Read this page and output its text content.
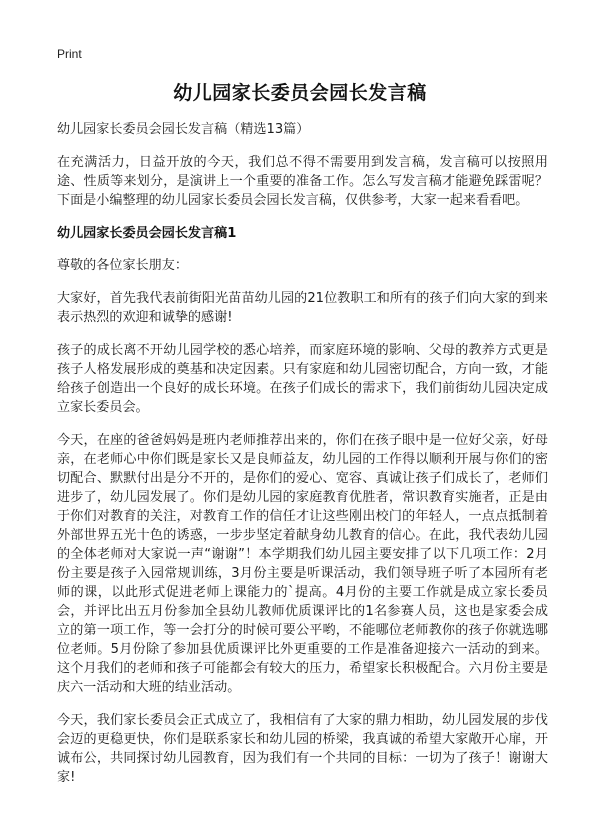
Print
幼儿园家长委员会园长发言稿

幼儿园家长委员会园长发言稿（精选13篇）

在充满活力，日益开放的今天，我们总不得不需要用到发言稿，发言稿可以按照用途、性质等来划分，是演讲上一个重要的准备工作。怎么写发言稿才能避免踩雷呢？下面是小编整理的幼儿园家长委员会园长发言稿，仅供参考，大家一起来看看吧。

幼儿园家长委员会园长发言稿1

尊敬的各位家长朋友：

大家好，首先我代表前街阳光苗苗幼儿园的21位教职工和所有的孩子们向大家的到来表示热烈的欢迎和诚挚的感谢!

孩子的成长离不开幼儿园学校的悉心培养，而家庭环境的影响、父母的教养方式更是孩子人格发展形成的奠基和决定因素。只有家庭和幼儿园密切配合，方向一致，才能给孩子创造出一个良好的成长环境。在孩子们成长的需求下，我们前街幼儿园决定成立家长委员会。

今天，在座的爸爸妈妈是班内老师推荐出来的，你们在孩子眼中是一位好父亲，好母亲，在老师心中你们既是家长又是良师益友，幼儿园的工作得以顺利开展与你们的密切配合、默默付出是分不开的，是你们的爱心、宽容、真诚让孩子们成长了，老师们进步了，幼儿园发展了。你们是幼儿园的家庭教育优胜者，常识教育实施者，正是由于你们对教育的关注，对教育工作的信任才让这些刚出校门的年轻人，一点点抵制着外部世界五光十色的诱惑，一步步坚定着献身幼儿教育的信心。在此，我代表幼儿园的全体老师对大家说一声“谢谢”！本学期我们幼儿园主要安排了以下几项工作：2月份主要是孩子入园常规训练，3月份主要是听课活动，我们领导班子听了本园所有老师的课，以此形式促进老师上课能力的`提高。4月份的主要工作就是成立家长委员会，并评比出五月份参加全县幼儿教师优质课评比的1名参赛人员，这也是家委会成立的第一项工作，等一会打分的时候可要公平哟，不能哪位老师教你的孩子你就选哪位老师。5月份除了参加县优质课评比外更重要的工作是准备迎接六一活动的到来。这个月我们的老师和孩子可能都会有较大的压力，希望家长积极配合。六月份主要是庆六一活动和大班的结业活动。

今天，我们家长委员会正式成立了，我相信有了大家的鼎力相助，幼儿园发展的步伐会迈的更稳更快，你们是联系家长和幼儿园的桥梁，我真诚的希望大家敞开心扉，开诚布公，共同探讨幼儿园教育，因为我们有一个共同的目标：一切为了孩子！谢谢大家!
